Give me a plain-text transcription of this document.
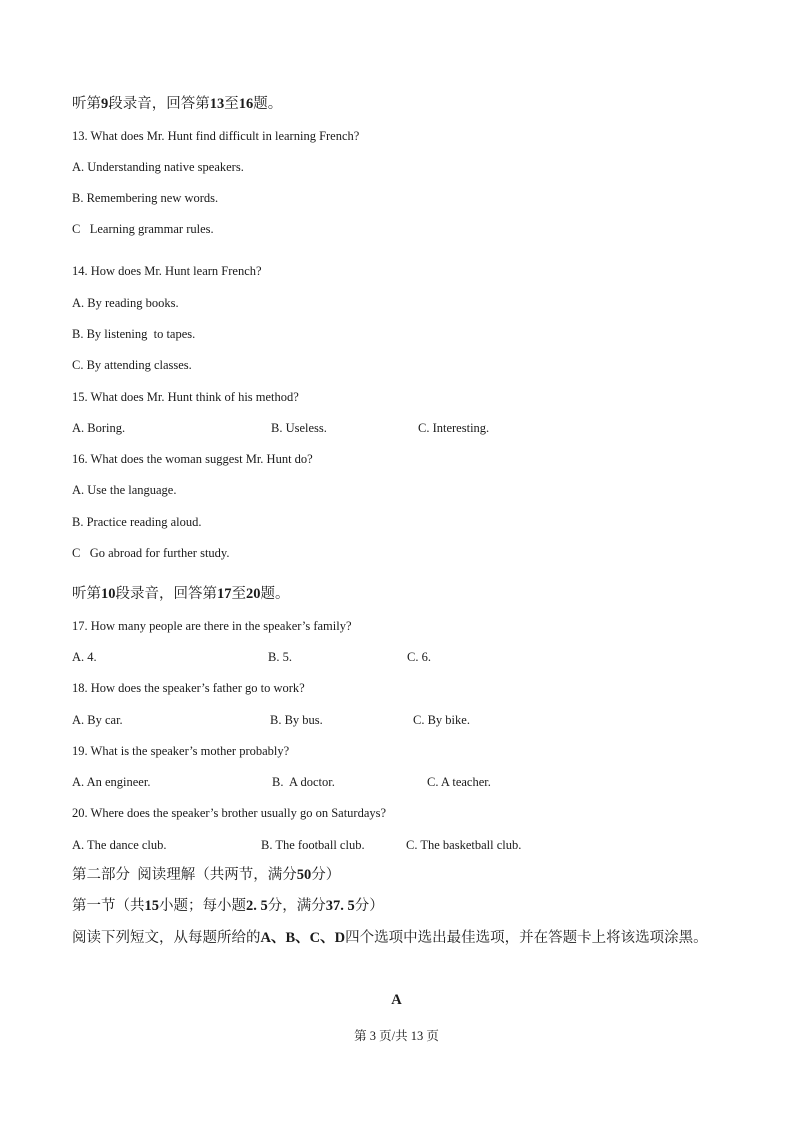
听第9段录音，回答第13至16题。
13. What does Mr. Hunt find difficult in learning French?
A. Understanding native speakers.
B. Remembering new words.
C   Learning grammar rules.
14. How does Mr. Hunt learn French?
A. By reading books.
B. By listening  to tapes.
C. By attending classes.
15. What does Mr. Hunt think of his method?
A. Boring.	B. Useless.	C. Interesting.
16. What does the woman suggest Mr. Hunt do?
A. Use the language.
B. Practice reading aloud.
C   Go abroad for further study.
听第10段录音，回答第17至20题。
17. How many people are there in the speaker’s family?
A. 4.	B. 5.	C. 6.
18. How does the speaker’s father go to work?
A. By car.	B. By bus.	C. By bike.
19. What is the speaker’s mother probably?
A. An engineer.	B.  A doctor.	C. A teacher.
20. Where does the speaker’s brother usually go on Saturdays?
A. The dance club.	B. The football club.	C. The basketball club.
第二部分  阅读理解（共两节，满分50分）
第一节（共15小题；每小题2. 5分，满分37. 5分）
阅读下列短文，从每题所给的A、B、C、D四个选项中选出最佳选项，并在答题卡上将该选项涂黑。
A
第 3 页/共 13 页
